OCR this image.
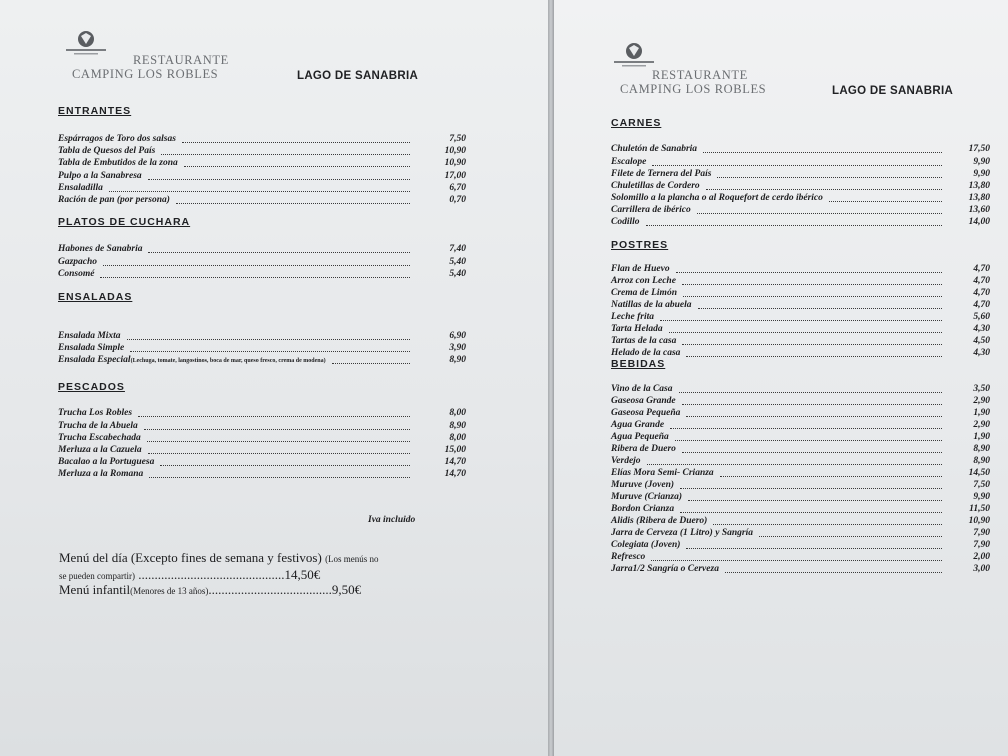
RESTAURANTE
CAMPING LOS ROBLES	LAGO DE SANABRIA
ENTRANTES
Espárragos de Toro dos salsas	7,50
Tabla de Quesos del País	10,90
Tabla de Embutidos de la zona	10,90
Pulpo a la Sanabresa	17,00
Ensaladilla	6,70
Ración de pan (por persona)	0,70
PLATOS DE CUCHARA
Habones de Sanabria	7,40
Gazpacho	5,40
Consomé	5,40
ENSALADAS
Ensalada Mixta	6,90
Ensalada Simple	3,90
Ensalada Especial(Lechuga, tomate, langostinos, boca de mar, queso fresco, crema de modena)	8,90
PESCADOS
Trucha Los Robles	8,00
Trucha de la Abuela	8,90
Trucha Escabechada	8,00
Merluza a la Cazuela	15,00
Bacalao a la Portuguesa	14,70
Merluza a la Romana	14,70
Iva incluido
Menú del día (Excepto fines de semana y festivos) (Los menús no
se pueden compartir) .............................................14,50€
Menú infantil(Menores de 13 años)......................................9,50€
RESTAURANTE
CAMPING LOS ROBLES	LAGO DE SANABRIA
CARNES
Chuletón de Sanabria	17,50
Escalope	9,90
Filete de Ternera del País	9,90
Chuletillas de Cordero	13,80
Solomillo a la plancha o al Roquefort de cerdo ibérico	13,80
Carrillera de ibérico	13,60
Codillo	14,00
POSTRES
Flan de Huevo	4,70
Arroz con Leche	4,70
Crema de Limón	4,70
Natillas de la abuela	4,70
Leche frita	5,60
Tarta Helada	4,30
Tartas de la casa	4,50
Helado de la casa	4,30
BEBIDAS
Vino de la Casa	3,50
Gaseosa Grande	2,90
Gaseosa Pequeña	1,90
Agua Grande	2,90
Agua Pequeña	1,90
Ribera de Duero	8,90
Verdejo	8,90
Elías Mora Semi- Crianza	14,50
Muruve (Joven)	7,50
Muruve (Crianza)	9,90
Bordon Crianza	11,50
Alidis (Ribera de Duero)	10,90
Jarra de Cerveza (1 Litro) y Sangría	7,90
Colegiata (Joven)	7,90
Refresco	2,00
Jarra1/2 Sangría o Cerveza	3,00
